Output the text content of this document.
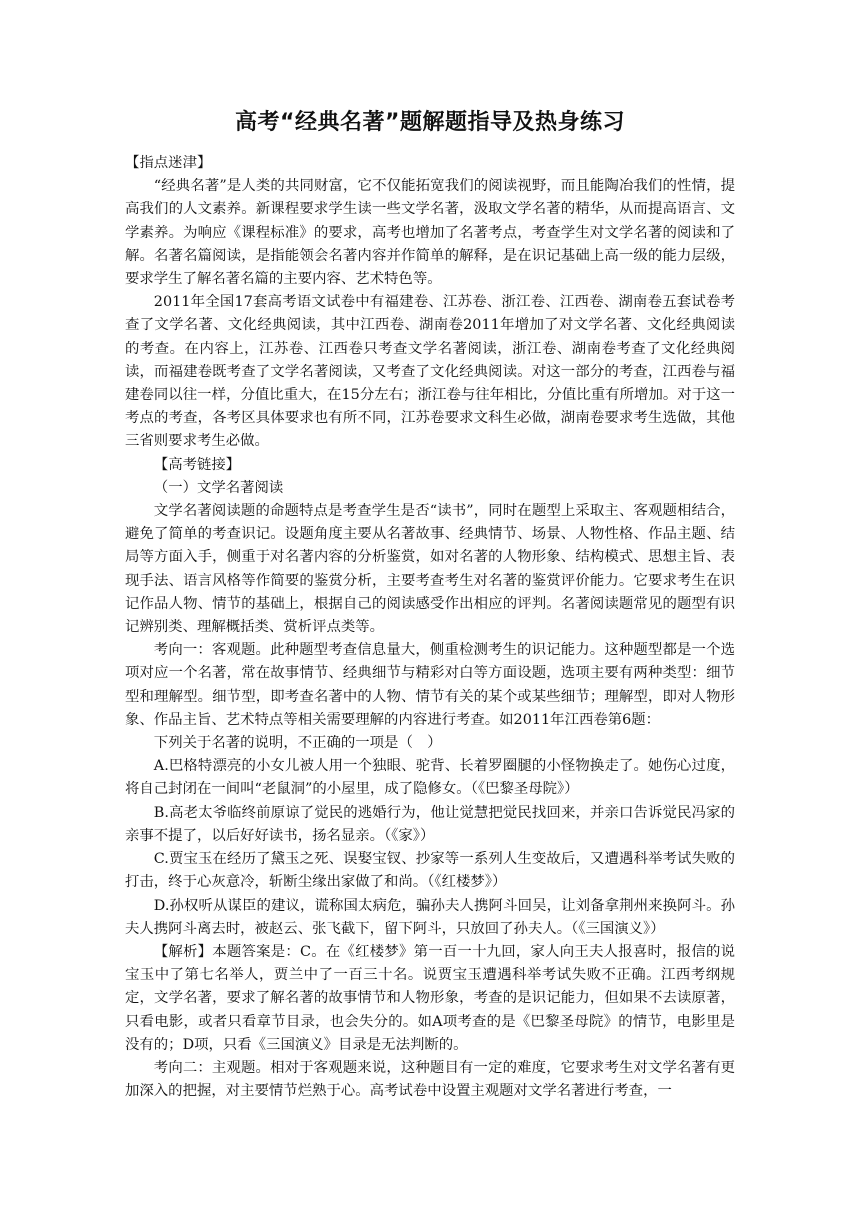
高考“经典名著”题解题指导及热身练习

【指点迷津】

“经典名著”是人类的共同财富，它不仅能拓宽我们的阅读视野，而且能陶冶我们的性情，提高我们的人文素养。新课程要求学生读一些文学名著，汲取文学名著的精华，从而提高语言、文学素养。为响应《课程标准》的要求，高考也增加了名著考点，考查学生对文学名著的阅读和了解。名著名篇阅读，是指能领会名著内容并作简单的解释，是在识记基础上高一级的能力层级，要求学生了解名著名篇的主要内容、艺术特色等。

2011年全国17套高考语文试卷中有福建卷、江苏卷、浙江卷、江西卷、湖南卷五套试卷考查了文学名著、文化经典阅读，其中江西卷、湖南卷2011年增加了对文学名著、文化经典阅读的考查。在内容上，江苏卷、江西卷只考查文学名著阅读，浙江卷、湖南卷考查了文化经典阅读，而福建卷既考查了文学名著阅读，又考查了文化经典阅读。对这一部分的考查，江西卷与福建卷同以往一样，分值比重大，在15分左右；浙江卷与往年相比，分值比重有所增加。对于这一考点的考查，各考区具体要求也有所不同，江苏卷要求文科生必做，湖南卷要求考生选做，其他三省则要求考生必做。

【高考链接】

（一）文学名著阅读

文学名著阅读题的命题特点是考查学生是否“读书”，同时在题型上采取主、客观题相结合，避免了简单的考查识记。设题角度主要从名著故事、经典情节、场景、人物性格、作品主题、结局等方面入手，侧重于对名著内容的分析鉴赏，如对名著的人物形象、结构模式、思想主旨、表现手法、语言风格等作简要的鉴赏分析，主要考查考生对名著的鉴赏评价能力。它要求考生在识记作品人物、情节的基础上，根据自己的阅读感受作出相应的评判。名著阅读题常见的题型有识记辨别类、理解概括类、赏析评点类等。

考向一：客观题。此种题型考查信息量大，侧重检测考生的识记能力。这种题型都是一个选项对应一个名著，常在故事情节、经典细节与精彩对白等方面设题，选项主要有两种类型：细节型和理解型。细节型，即考查名著中的人物、情节有关的某个或某些细节；理解型，即对人物形象、作品主旨、艺术特点等相关需要理解的内容进行考查。如2011年江西卷第6题：

下列关于名著的说明，不正确的一项是（　）

A.巴格特漂亮的小女儿被人用一个独眼、驼背、长着罗圈腿的小怪物换走了。她伤心过度，将自己封闭在一间叫“老鼠洞”的小屋里，成了隐修女。（《巴黎圣母院》）

B.高老太爷临终前原谅了觉民的逃婚行为，他让觉慧把觉民找回来，并亲口告诉觉民冯家的亲事不提了，以后好好读书，扬名显亲。（《家》）

C.贾宝玉在经历了黛玉之死、误娶宝钗、抄家等一系列人生变故后，又遭遇科举考试失败的打击，终于心灰意冷，斩断尘缘出家做了和尚。（《红楼梦》）

D.孙权听从谋臣的建议，谎称国太病危，骗孙夫人携阿斗回吴，让刘备拿荆州来换阿斗。孙夫人携阿斗离去时，被赵云、张飞截下，留下阿斗，只放回了孙夫人。（《三国演义》）

【解析】本题答案是：C。在《红楼梦》第一百一十九回，家人向王夫人报喜时，报信的说宝玉中了第七名举人，贾兰中了一百三十名。说贾宝玉遭遇科举考试失败不正确。江西考纲规定，文学名著，要求了解名著的故事情节和人物形象，考查的是识记能力，但如果不去读原著，只看电影，或者只看章节目录，也会失分的。如A项考查的是《巴黎圣母院》的情节，电影里是没有的；D项，只看《三国演义》目录是无法判断的。

考向二：主观题。相对于客观题来说，这种题目有一定的难度，它要求考生对文学名著有更加深入的把握，对主要情节烂熟于心。高考试卷中设置主观题对文学名著进行考查，一
